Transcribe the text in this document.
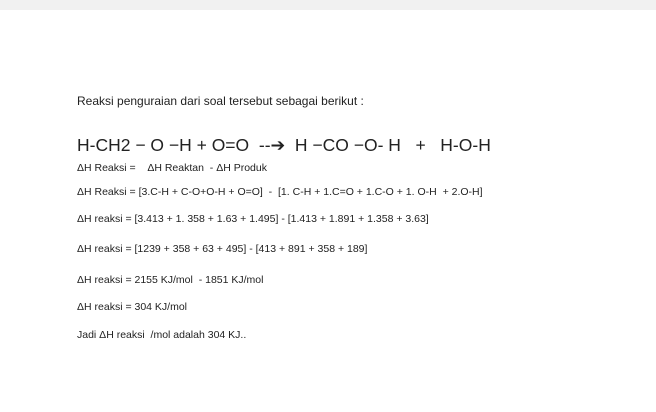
Reaksi penguraian dari soal tersebut sebagai berikut :
H-CH2 − O −H + O=O  --➔  H −CO −O- H   +   H-O-H
ΔH Reaksi =    ΔH Reaktan  - ΔH Produk
ΔH Reaksi = [3.C-H + C-O+O-H + O=O]  -  [1. C-H + 1.C=O + 1.C-O + 1. O-H  + 2.O-H]
ΔH reaksi = [3.413 + 1. 358 + 1.63 + 1.495] - [1.413 + 1.891 + 1.358 + 3.63]
ΔH reaksi = [1239 + 358 + 63 + 495] - [413 + 891 + 358 + 189]
ΔH reaksi = 2155 KJ/mol  - 1851 KJ/mol
ΔH reaksi = 304 KJ/mol
Jadi ΔH reaksi  /mol adalah 304 KJ..
